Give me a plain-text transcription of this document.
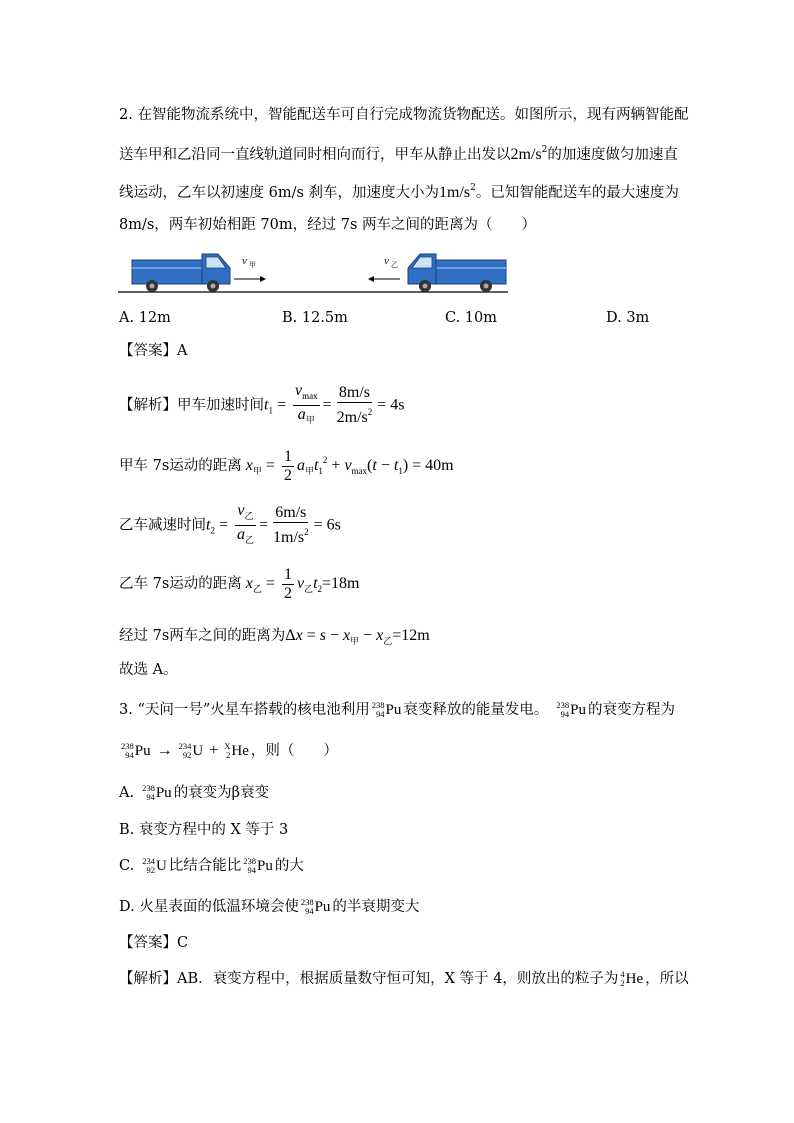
2. 在智能物流系统中，智能配送车可自行完成物流货物配送。如图所示，现有两辆智能配
送车甲和乙沿同一直线轨道同时相向而行，甲车从静止出发以$2m/s^2$的加速度做匀加速直
线运动，乙车以初速度 6m/s 刹车，加速度大小为$1m/s^2$。已知智能配送车的最大速度为
8m/s，两车初始相距 70m，经过 7s 两车之间的距离为（　　）
v 甲	v 乙
A. 12m	B. 12.5m	C. 10m	D. 3m
【答案】A
【解析】甲车加速时间$t_1 = \frac{v_{max}}{a_甲} = \frac{8m/s}{2m/s^2} = 4s$
甲车 7s运动的距离 $x_甲 = \frac{1}{2} a_甲t_1^2 + v_{max}(t - t_1) = 40m$
乙车减速时间$t_2 = \frac{v_乙}{a_乙} = \frac{6m/s}{1m/s^2} = 6s$
乙车 7s运动的距离 $x_乙 = \frac{1}{2} v_乙t_2=18m$
经过 7s两车之间的距离为$\Delta x = s - x_甲 - x_乙=12m$
故选 A。
3. “天问一号”火星车搭载的核电池利用 238
94 Pu 衰变释放的能量发电。 238
94 Pu 的衰变方程为
238
94 Pu → 234
92 U + X
2 He ，则（　　）
A. 238
94 Pu 的衰变为β衰变
B. 衰变方程中的 X 等于 3
C. 234
92 U 比结合能比 238
94 Pu 的大
D. 火星表面的低温环境会使 238
94 Pu 的半衰期变大
【答案】C
【解析】AB．衰变方程中，根据质量数守恒可知，X 等于 4，则放出的粒子为 4
2 He ，所以
